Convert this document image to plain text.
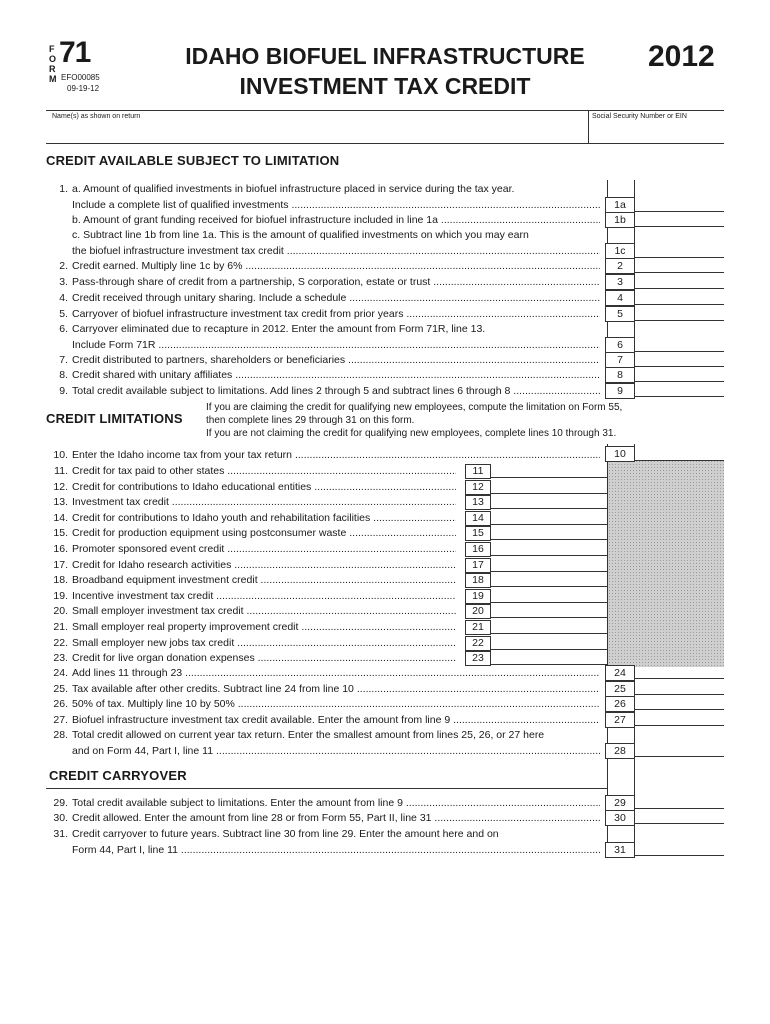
F
O
R
M
71
EFO00085
09-19-12
IDAHO BIOFUEL INFRASTRUCTURE
INVESTMENT TAX CREDIT
2012
Name(s) as shown on return	Social Security Number or EIN
CREDIT AVAILABLE SUBJECT TO LIMITATION
1. a. Amount of qualified investments in biofuel infrastructure placed in service during the tax year.
Include a complete list of qualified investments .....	1a
b. Amount of grant funding received for biofuel infrastructure included in line 1a .....	1b
c. Subtract line 1b from line 1a. This is the amount of qualified investments on which you may earn
the biofuel infrastructure investment tax credit .....	1c
2. Credit earned. Multiply line 1c by 6% .....	2
3. Pass-through share of credit from a partnership, S corporation, estate or trust .....	3
4. Credit received through unitary sharing. Include a schedule .....	4
5. Carryover of biofuel infrastructure investment tax credit from prior years .....	5
6. Carryover eliminated due to recapture in 2012. Enter the amount from Form 71R, line 13.
Include Form 71R .....	6
7. Credit distributed to partners, shareholders or beneficiaries .....	7
8. Credit shared with unitary affiliates .....	8
9. Total credit available subject to limitations. Add lines 2 through 5 and subtract lines 6 through 8 .....	9
CREDIT LIMITATIONS
If you are claiming the credit for qualifying new employees, compute the limitation on Form 55,
then complete lines 29 through 31 on this form.
If you are not claiming the credit for qualifying new employees, complete lines 10 through 31.
10. Enter the Idaho income tax from your tax return .....	10
CREDIT CARRYOVER
11. Credit for tax paid to other states .....	11
12. Credit for contributions to Idaho educational entities .....	12
13. Investment tax credit .....	13
14. Credit for contributions to Idaho youth and rehabilitation facilities .....	14
15. Credit for production equipment using postconsumer waste .....	15
16. Promoter sponsored event credit .....	16
17. Credit for Idaho research activities .....	17
18. Broadband equipment investment credit .....	18
19. Incentive investment tax credit .....	19
20. Small employer investment tax credit .....	20
21. Small employer real property improvement credit .....	21
22. Small employer new jobs tax credit .....	22
23. Credit for live organ donation expenses .....	23
24. Add lines 11 through 23 .....	24
25. Tax available after other credits. Subtract line 24 from line 10 .....	25
26. 50% of tax. Multiply line 10 by 50% .....	26
27. Biofuel infrastructure investment tax credit available. Enter the amount from line 9 .....	27
28. Total credit allowed on current year tax return. Enter the smallest amount from lines 25, 26, or 27 here
and on Form 44, Part I, line 11 .....	28
29. Total credit available subject to limitations. Enter the amount from line 9 .....	29
30. Credit allowed. Enter the amount from line 28 or from Form 55, Part II, line 31 .....	30
31. Credit carryover to future years. Subtract line 30 from line 29. Enter the amount here and on
Form 44, Part I, line 11 .....	31
